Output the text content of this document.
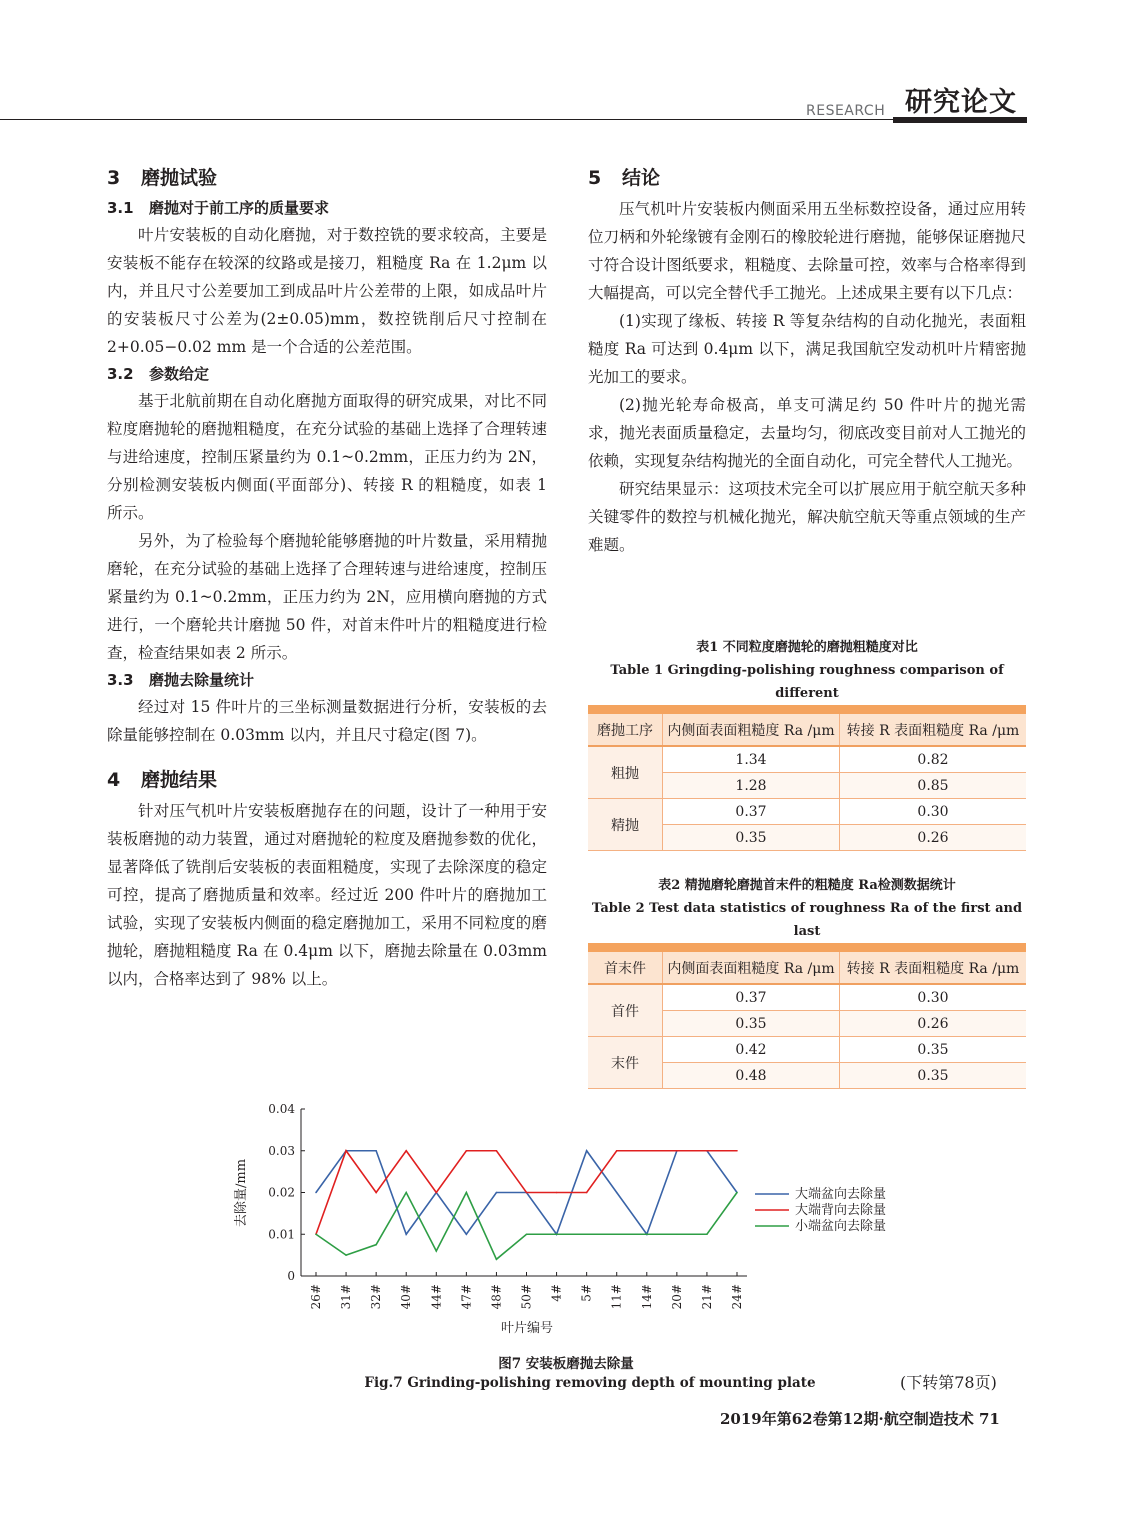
RESEARCH 研究论文
3 磨抛试验
3.1 磨抛对于前工序的质量要求

叶片安装板的自动化磨抛，对于数控铣的要求较高，主要是安装板不能存在较深的纹路或是接刀，粗糙度 Ra 在 1.2μm 以内，并且尺寸公差要加工到成品叶片公差带的上限，如成品叶片的安装板尺寸公差为(2±0.05)mm，数控铣削后尺寸控制在2+0.05−0.02 mm 是一个合适的公差范围。

3.2 参数给定

基于北航前期在自动化磨抛方面取得的研究成果，对比不同粒度磨抛轮的磨抛粗糙度，在充分试验的基础上选择了合理转速与进给速度，控制压紧量约为 0.1~0.2mm，正压力约为 2N，分别检测安装板内侧面(平面部分)、转接 R 的粗糙度，如表 1 所示。

另外，为了检验每个磨抛轮能够磨抛的叶片数量，采用精抛磨轮，在充分试验的基础上选择了合理转速与进给速度，控制压紧量约为 0.1~0.2mm，正压力约为 2N，应用横向磨抛的方式进行，一个磨轮共计磨抛 50 件，对首末件叶片的粗糙度进行检查，检查结果如表 2 所示。

3.3 磨抛去除量统计

经过对 15 件叶片的三坐标测量数据进行分析，安装板的去除量能够控制在 0.03mm 以内，并且尺寸稳定(图 7)。

4 磨抛结果

针对压气机叶片安装板磨抛存在的问题，设计了一种用于安装板磨抛的动力装置，通过对磨抛轮的粒度及磨抛参数的优化，显著降低了铣削后安装板的表面粗糙度，实现了去除深度的稳定可控，提高了磨抛质量和效率。经过近 200 件叶片的磨抛加工试验，实现了安装板内侧面的稳定磨抛加工，采用不同粒度的磨抛轮，磨抛粗糙度 Ra 在 0.4μm 以下，磨抛去除量在 0.03mm 以内，合格率达到了 98% 以上。

5 结论

压气机叶片安装板内侧面采用五坐标数控设备，通过应用转位刀柄和外轮缘镀有金刚石的橡胶轮进行磨抛，能够保证磨抛尺寸符合设计图纸要求，粗糙度、去除量可控，效率与合格率得到大幅提高，可以完全替代手工抛光。上述成果主要有以下几点：

(1)实现了缘板、转接 R 等复杂结构的自动化抛光，表面粗糙度 Ra 可达到 0.4μm 以下，满足我国航空发动机叶片精密抛光加工的要求。

(2)抛光轮寿命极高，单支可满足约 50 件叶片的抛光需求，抛光表面质量稳定，去量均匀，彻底改变目前对人工抛光的依赖，实现复杂结构抛光的全面自动化，可完全替代人工抛光。

研究结果显示：这项技术完全可以扩展应用于航空航天多种关键零件的数控与机械化抛光，解决航空航天等重点领域的生产难题。

表1 不同粒度磨抛轮的磨抛粗糙度对比
Table 1 Gringding-polishing roughness comparison of different
磨抛工序	内侧面表面粗糙度 Ra /μm	转接 R 表面粗糙度 Ra /μm
粗抛	1.34	0.82
	1.28	0.85
精抛	0.37	0.30
	0.35	0.26
表2 精抛磨轮磨抛首末件的粗糙度 Ra检测数据统计
Table 2 Test data statistics of roughness Ra of the first and last
首末件	内侧面表面粗糙度 Ra /μm	转接 R 表面粗糙度 Ra /μm
首件	0.37	0.30
	0.35	0.26
末件	0.42	0.35
	0.48	0.35
0
0.01
0.02
0.03
0.04
26# 31# 32# 40# 44# 47# 48# 50# 4# 5# 11# 14# 20# 21# 24#
叶片编号
去除量/mm	大端盆向去除量
大端背向去除量
小端盆向去除量
图7 安装板磨抛去除量
Fig.7 Grinding-polishing removing depth of mounting plate	(下转第78页)
2019年第62卷第12期·航空制造技术 71
